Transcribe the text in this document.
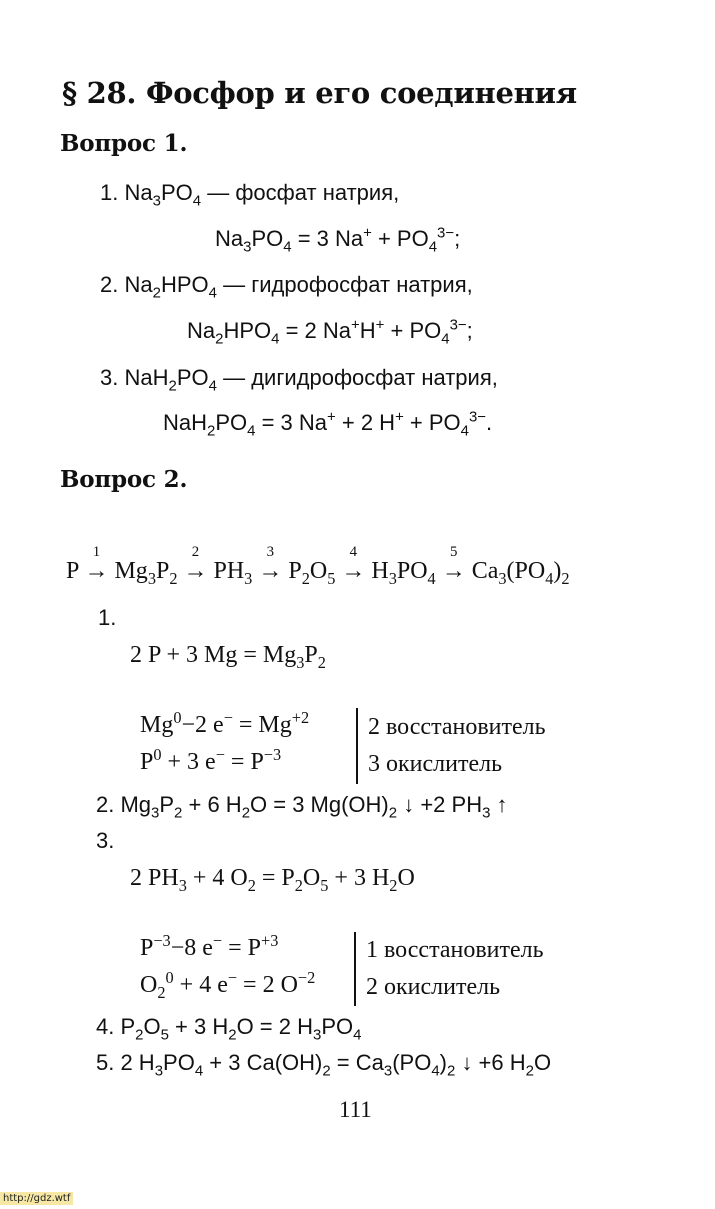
§ 28. Фосфор и его соединения
Вопрос 1.
1. $Na_3PO_4$ — фосфат натрия,
$Na_3PO_4 = 3$ $Na^+ + PO_4^{3-}$;
2. $Na_2HPO_4$ — гидрофосфат натрия,
$Na_2HPO_4 = 2$ $Na^+H^+ + PO_4^{3-}$;
3. $NaH_2PO_4$ — дигидрофосфат натрия,
$NaH_2PO_4 = 3$ Na+ + 2 $H^+ + PO_4^{3-}$.
Вопрос 2.
P
1
→ $Mg_3P_2$
2
→ $PH_3$
3
→ $P_2O_5$
4
→ $H_3PO_4$
5
→ $Ca_3(PO_4)_2$
1.
2 P + 3 $Mg = Mg_3P_2$
$Mg^0-2$ $e^- = Mg^{+2}$
$P^0 + 3$ $e^- = P^{-3}$
2 восстановитель
3 окислитель
2. $Mg_3P_2 + 6$ $H_2O = 3$ $Mg(OH)_2$ ↓ +2 $PH_3$ ↑
3.
2 $PH_3 + 4$ $O_2 = P_2O_5 + 3$ $H_2O$
$P^{-3}-8$ $e^- = P^{+3}$
$O_2^0 + 4$ e− = 2 $O^{-2}$
1 восстановитель
2 окислитель
4. $P_2O_5 + 3$ $H_2O = 2$ $H_3PO_4$
5. 2 $H_3PO_4 + 3$ $Ca(OH)_2 = Ca_3(PO_4)_2$ ↓ +6 $H_2O$
111
http://gdz.wtf
